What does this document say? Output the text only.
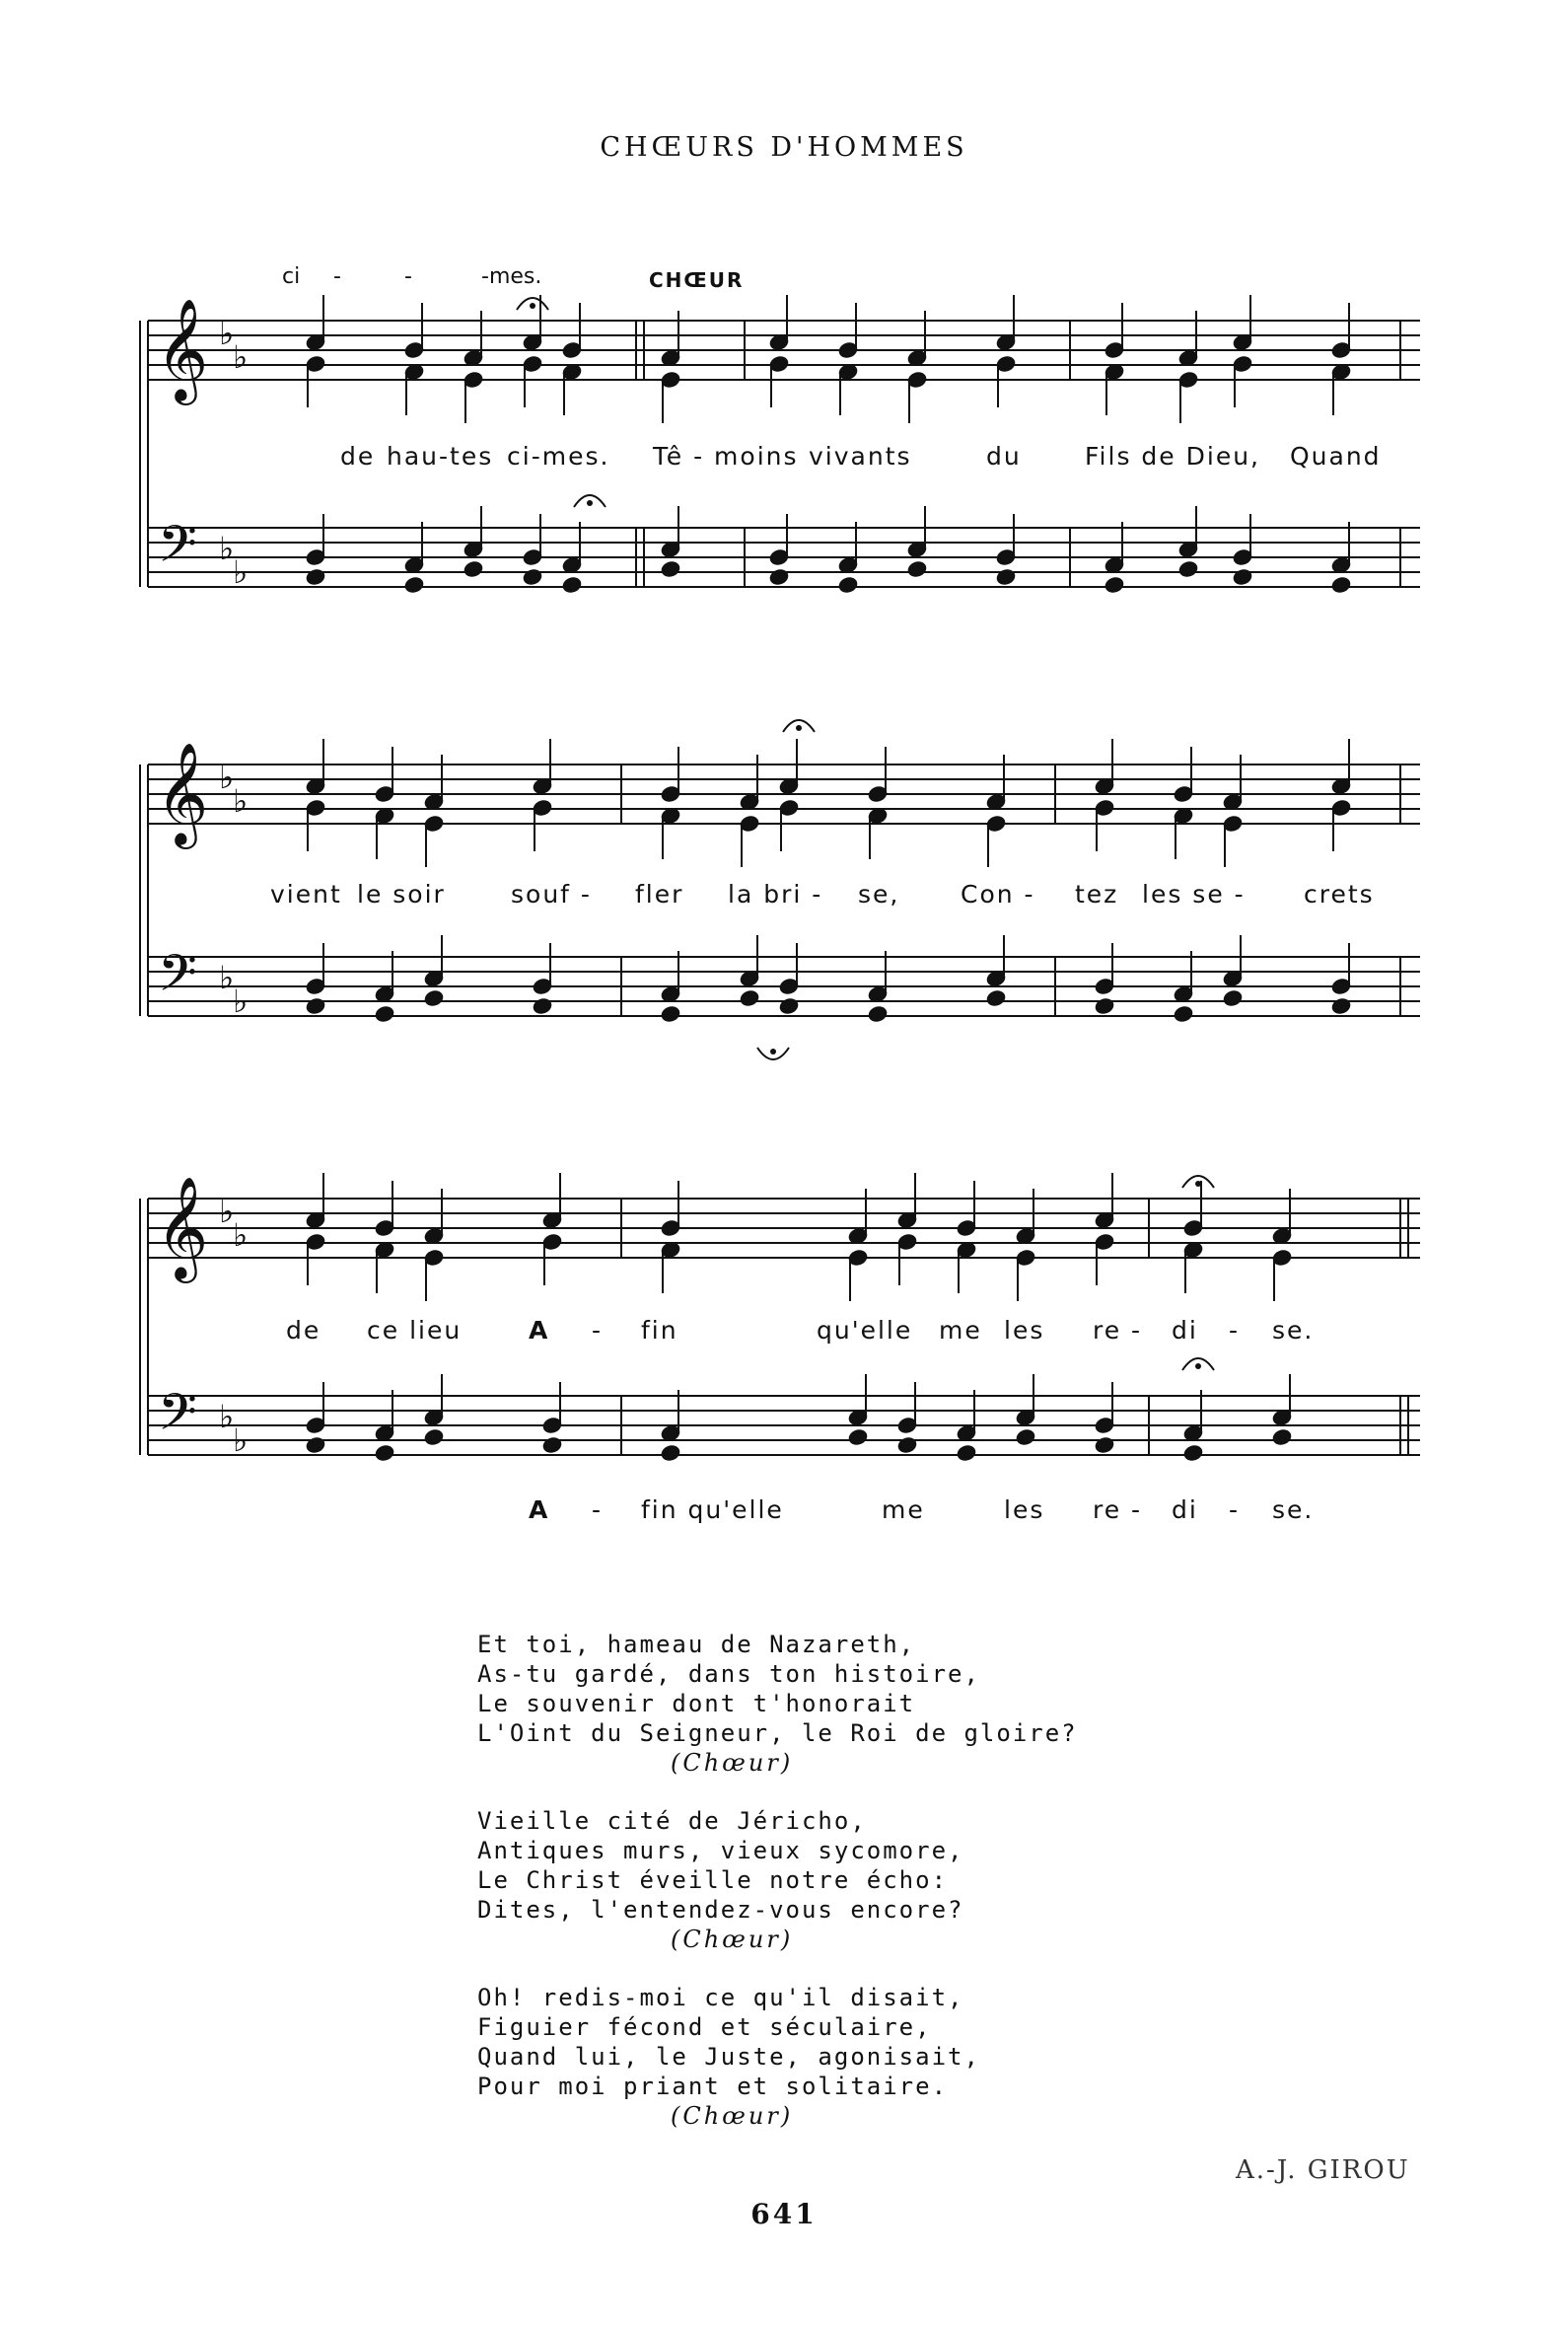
CHŒURS D'HOMMES
𝄞 ♭
♭
𝄢 ♭
♭
𝄞 ♭
♭
𝄢 ♭
♭
𝄞 ♭
♭
𝄢 ♭
♭
ci -	-	-mes.	CHŒUR
de hau-tes ci-mes. Tê - moins vivants	du	Fils de Dieu, Quand
vient le soir	souf - fler la bri - se, Con - tez les se - crets
de ce lieu	A - fin	qu'elle me les re - di - se.
A - fin qu'elle	me	les re - di - se.
Et toi, hameau de Nazareth,
As-tu gardé, dans ton histoire,
Le souvenir dont t'honorait
L'Oint du Seigneur, le Roi de gloire?
(Chœur)
Vieille cité de Jéricho,
Antiques murs, vieux sycomore,
Le Christ éveille notre écho:
Dites, l'entendez-vous encore?
(Chœur)
Oh! redis-moi ce qu'il disait,
Figuier fécond et séculaire,
Quand lui, le Juste, agonisait,
Pour moi priant et solitaire.
(Chœur)
A.-J. GIROU
641
